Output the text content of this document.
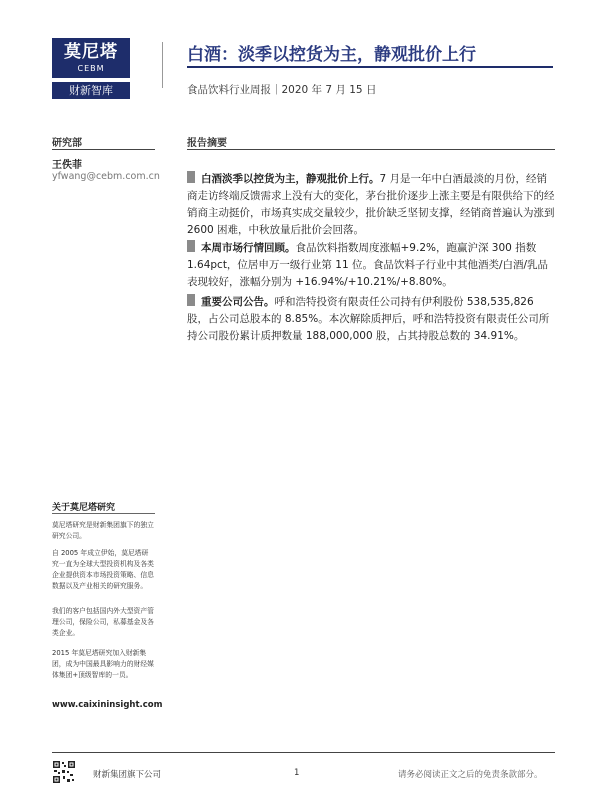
莫尼塔
CEBM
财新智库
白酒：淡季以控货为主，静观批价上行
食品饮料行业周报｜2020 年 7 月 15 日
研究部	报告摘要
王佚菲
yfwang@cebm.com.cn	白酒淡季以控货为主，静观批价上行。7 月是一年中白酒最淡的月份，经销商走访终端反馈需求上没有大的变化，茅台批价逐步上涨主要是有限供给下的经销商主动挺价，市场真实成交量较少，批价缺乏坚韧支撑，经销商普遍认为涨到 2600 困难，中秋放量后批价会回落。
本周市场行情回顾。食品饮料指数周度涨幅+9.2%，跑赢沪深 300 指数 1.64pct，位居申万一级行业第 11 位。食品饮料子行业中其他酒类/白酒/乳品表现较好，涨幅分别为 +16.94%/+10.21%/+8.80%。
重要公司公告。呼和浩特投资有限责任公司持有伊利股份 538,535,826 股，占公司总股本的 8.85%。本次解除质押后，呼和浩特投资有限责任公司所持公司股份累计质押数量 188,000,000 股，占其持股总数的 34.91%。
关于莫尼塔研究
莫尼塔研究是财新集团旗下的独立研究公司。
自 2005 年成立伊始，莫尼塔研究一直为全球大型投资机构及各类企业提供资本市场投资策略、信息数据以及产业相关的研究服务。
我们的客户包括国内外大型资产管理公司，保险公司，私募基金及各类企业。
2015 年莫尼塔研究加入财新集团，成为中国最具影响力的财经媒体集团+顶级智库的一员。
www.caixininsight.com
财新集团旗下公司	1	请务必阅读正文之后的免责条款部分。
